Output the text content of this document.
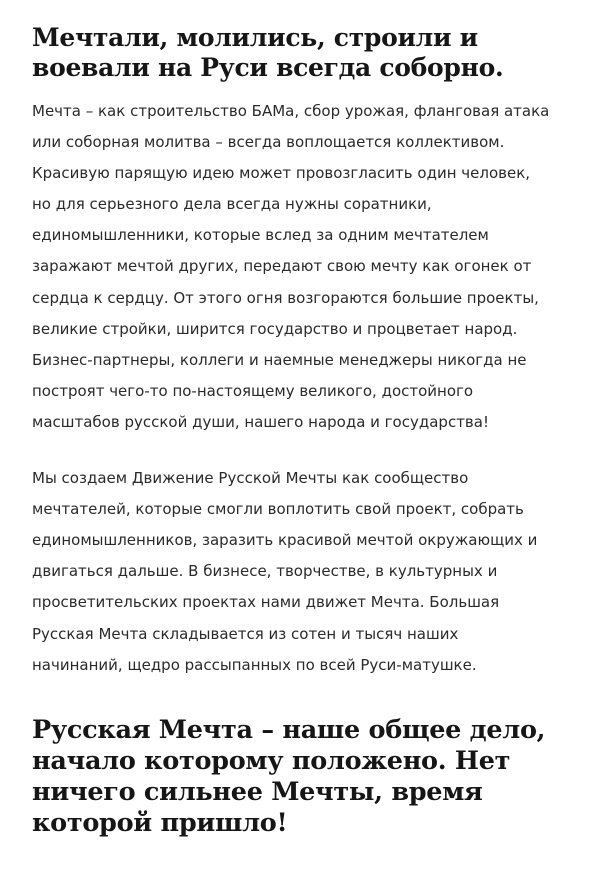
Мечтали, молились, строили и
воевали на Руси всегда соборно.

Мечта – как строительство БАМа, сбор урожая, фланговая атака
или соборная молитва – всегда воплощается коллективом.
Красивую парящую идею может провозгласить один человек,
но для серьезного дела всегда нужны соратники,
единомышленники, которые вслед за одним мечтателем
заражают мечтой других, передают свою мечту как огонек от
сердца к сердцу. От этого огня возгораются большие проекты,
великие стройки, ширится государство и процветает народ.
Бизнес-партнеры, коллеги и наемные менеджеры никогда не
построят чего-то по-настоящему великого, достойного
масштабов русской души, нашего народа и государства!

Мы создаем Движение Русской Мечты как сообщество
мечтателей, которые смогли воплотить свой проект, собрать
единомышленников, заразить красивой мечтой окружающих и
двигаться дальше. В бизнесе, творчестве, в культурных и
просветительских проектах нами движет Мечта. Большая
Русская Мечта складывается из сотен и тысяч наших
начинаний, щедро рассыпанных по всей Руси-матушке.

Русская Мечта – наше общее дело,
начало которому положено. Нет
ничего сильнее Мечты, время
которой пришло!
